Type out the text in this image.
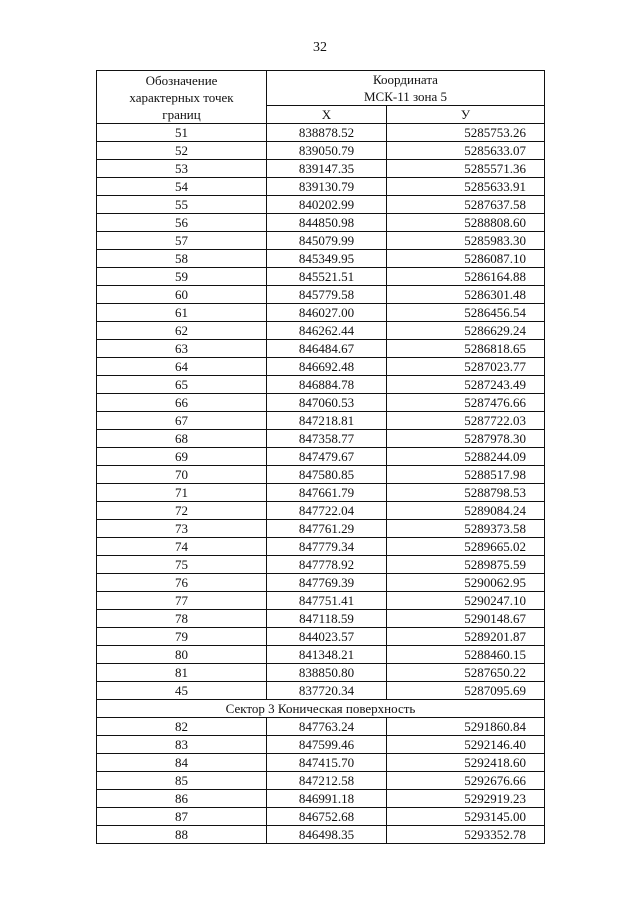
32
Обозначение
характерных точек
границ	Координата
МСК-11 зона 5	

	X	У
51	838878.52	5285753.26
52	839050.79	5285633.07
53	839147.35	5285571.36
54	839130.79	5285633.91
55	840202.99	5287637.58
56	844850.98	5288808.60
57	845079.99	5285983.30
58	845349.95	5286087.10
59	845521.51	5286164.88
60	845779.58	5286301.48
61	846027.00	5286456.54
62	846262.44	5286629.24
63	846484.67	5286818.65
64	846692.48	5287023.77
65	846884.78	5287243.49
66	847060.53	5287476.66
67	847218.81	5287722.03
68	847358.77	5287978.30
69	847479.67	5288244.09
70	847580.85	5288517.98
71	847661.79	5288798.53
72	847722.04	5289084.24
73	847761.29	5289373.58
74	847779.34	5289665.02
75	847778.92	5289875.59
76	847769.39	5290062.95
77	847751.41	5290247.10
78	847118.59	5290148.67
79	844023.57	5289201.87
80	841348.21	5288460.15
81	838850.80	5287650.22
45	837720.34	5287095.69
Сектор 3 Коническая поверхность		
82	847763.24	5291860.84
83	847599.46	5292146.40
84	847415.70	5292418.60
85	847212.58	5292676.66
86	846991.18	5292919.23
87	846752.68	5293145.00
88	846498.35	5293352.78
